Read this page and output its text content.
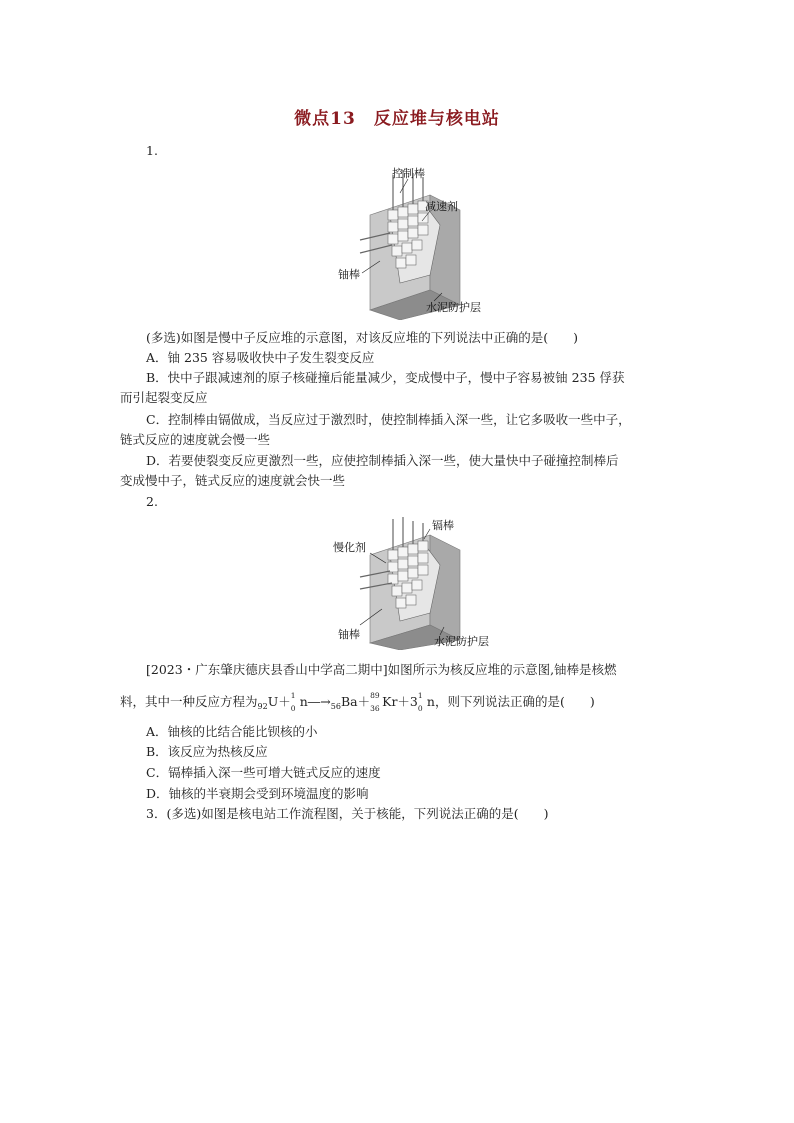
微点13　反应堆与核电站
1.
控制棒
减速剂
铀棒
水泥防护层
(多选)如图是慢中子反应堆的示意图，对该反应堆的下列说法中正确的是(　　)
A．铀 235 容易吸收快中子发生裂变反应
B．快中子跟减速剂的原子核碰撞后能量减少，变成慢中子，慢中子容易被铀 235 俘获
而引起裂变反应
C．控制棒由镉做成，当反应过于激烈时，使控制棒插入深一些，让它多吸收一些中子，
链式反应的速度就会慢一些
D．若要使裂变反应更激烈一些，应使控制棒插入深一些，使大量快中子碰撞控制棒后
变成慢中子，链式反应的速度就会快一些
2.
镉棒
慢化剂
铀棒
水泥防护层
[2023・广东肇庆德庆县香山中学高二期中]如图所示为核反应堆的示意图,铀棒是核燃
料，其中一种反应方程为$_{92}$U＋ 1
0 $n―\to_{56}Ba+ 89$
36 Kr＋3 1
0 n，则下列说法正确的是(　　)
A．铀核的比结合能比钡核的小
B．该反应为热核反应
C．镉棒插入深一些可增大链式反应的速度
D．铀核的半衰期会受到环境温度的影响
3．(多选)如图是核电站工作流程图，关于核能，下列说法正确的是(　　)
